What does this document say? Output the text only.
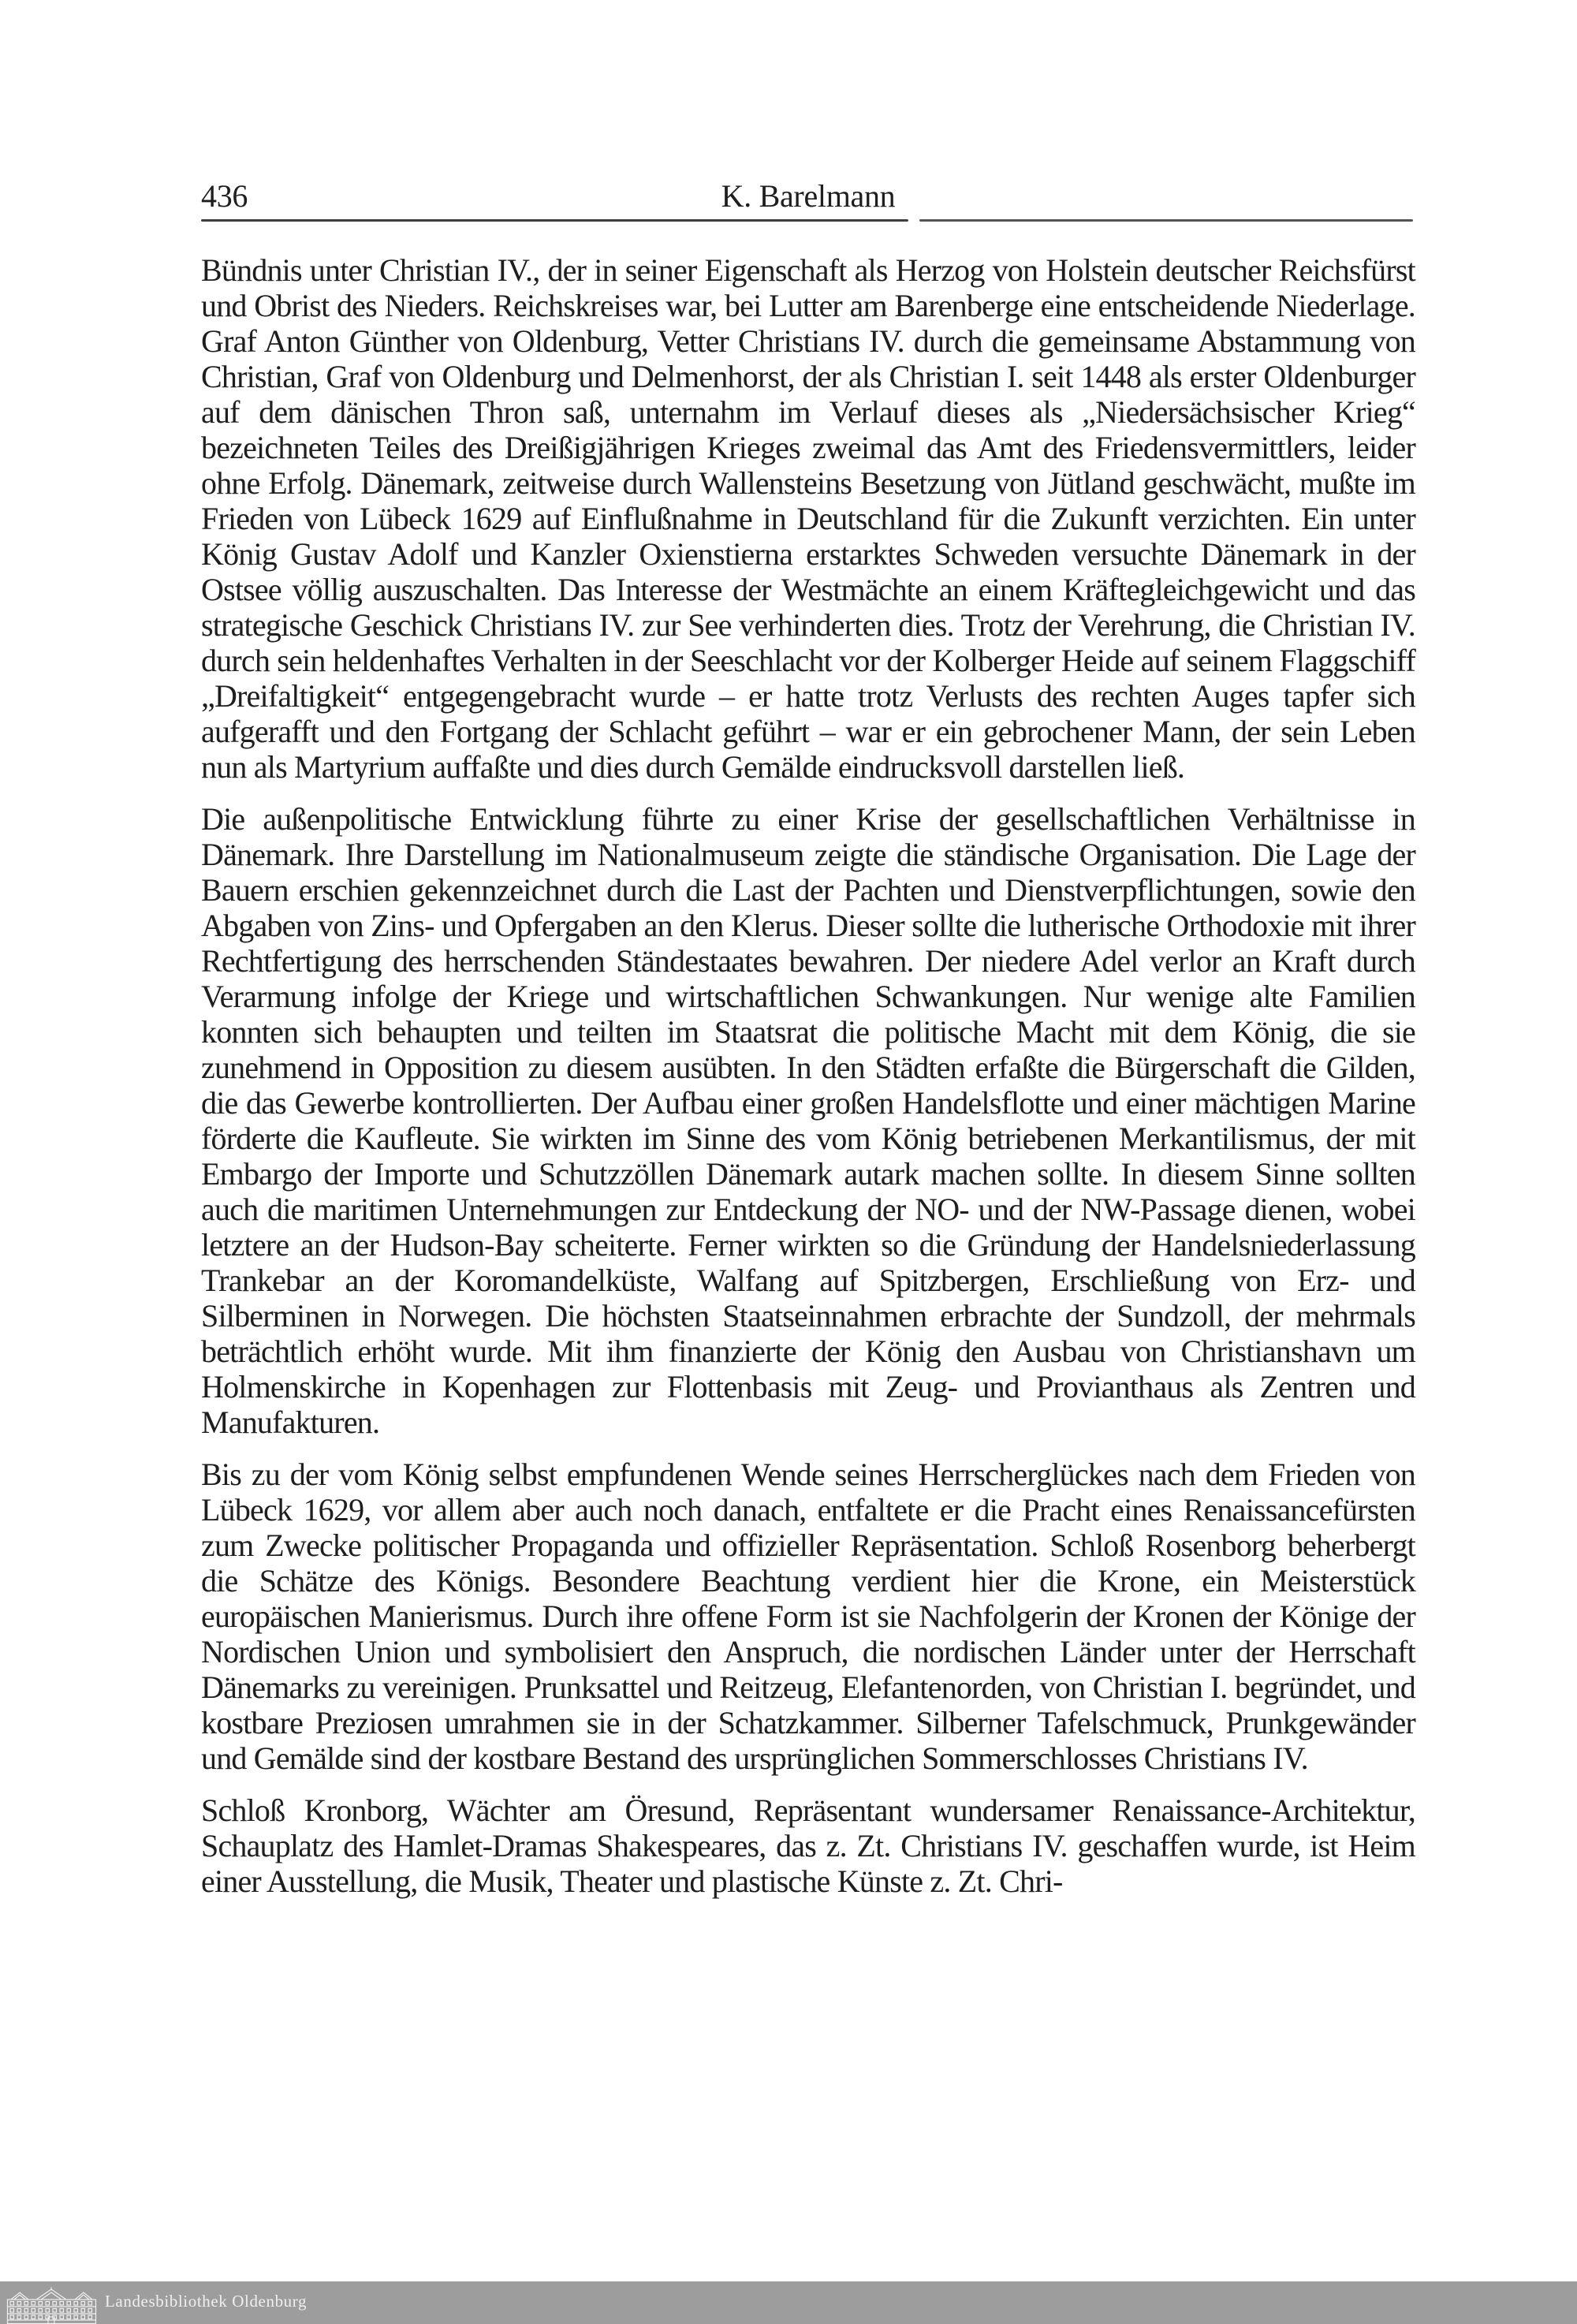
436	K. Barelmann

Bündnis unter Christian IV., der in seiner Eigenschaft als Herzog von Holstein deutscher Reichsfürst und Obrist des Nieders. Reichskreises war, bei Lutter am Barenberge eine entscheidende Niederlage. Graf Anton Günther von Oldenburg, Vetter Christians IV. durch die gemeinsame Abstammung von Christian, Graf von Oldenburg und Delmenhorst, der als Christian I. seit 1448 als erster Oldenburger auf dem dänischen Thron saß, unternahm im Verlauf dieses als „Niedersächsischer Krieg“ bezeichneten Teiles des Dreißigjährigen Krieges zweimal das Amt des Friedensvermittlers, leider ohne Erfolg. Dänemark, zeitweise durch Wallensteins Besetzung von Jütland geschwächt, mußte im Frieden von Lübeck 1629 auf Einflußnahme in Deutschland für die Zukunft verzichten. Ein unter König Gustav Adolf und Kanzler Oxienstierna erstarktes Schweden versuchte Dänemark in der Ostsee völlig auszuschalten. Das Interesse der Westmächte an einem Kräftegleichgewicht und das strategische Geschick Christians IV. zur See verhinderten dies. Trotz der Verehrung, die Christian IV. durch sein heldenhaftes Verhalten in der Seeschlacht vor der Kolberger Heide auf seinem Flaggschiff „Dreifaltigkeit“ entgegengebracht wurde – er hatte trotz Verlusts des rechten Auges tapfer sich aufgerafft und den Fortgang der Schlacht geführt – war er ein gebrochener Mann, der sein Leben nun als Martyrium auffaßte und dies durch Gemälde eindrucksvoll darstellen ließ.

Die außenpolitische Entwicklung führte zu einer Krise der gesellschaftlichen Verhältnisse in Dänemark. Ihre Darstellung im Nationalmuseum zeigte die ständische Organisation. Die Lage der Bauern erschien gekennzeichnet durch die Last der Pachten und Dienstverpflichtungen, sowie den Abgaben von Zins- und Opfergaben an den Klerus. Dieser sollte die lutherische Orthodoxie mit ihrer Rechtfertigung des herrschenden Ständestaates bewahren. Der niedere Adel verlor an Kraft durch Verarmung infolge der Kriege und wirtschaftlichen Schwankungen. Nur wenige alte Familien konnten sich behaupten und teilten im Staatsrat die politische Macht mit dem König, die sie zunehmend in Opposition zu diesem ausübten. In den Städten erfaßte die Bürgerschaft die Gilden, die das Gewerbe kontrollierten. Der Aufbau einer großen Handelsflotte und einer mächtigen Marine förderte die Kaufleute. Sie wirkten im Sinne des vom König betriebenen Merkantilismus, der mit Embargo der Importe und Schutzzöllen Dänemark autark machen sollte. In diesem Sinne sollten auch die maritimen Unternehmungen zur Entdeckung der NO- und der NW-Passage dienen, wobei letztere an der Hudson-Bay scheiterte. Ferner wirkten so die Gründung der Handelsniederlassung Trankebar an der Koromandelküste, Walfang auf Spitzbergen, Erschließung von Erz- und Silberminen in Norwegen. Die höchsten Staatseinnahmen erbrachte der Sundzoll, der mehrmals beträchtlich erhöht wurde. Mit ihm finanzierte der König den Ausbau von Christianshavn um Holmenskirche in Kopenhagen zur Flottenbasis mit Zeug- und Provianthaus als Zentren und Manufakturen.

Bis zu der vom König selbst empfundenen Wende seines Herrscherglückes nach dem Frieden von Lübeck 1629, vor allem aber auch noch danach, entfaltete er die Pracht eines Renaissancefürsten zum Zwecke politischer Propaganda und offizieller Repräsentation. Schloß Rosenborg beherbergt die Schätze des Königs. Besondere Beachtung verdient hier die Krone, ein Meisterstück europäischen Manierismus. Durch ihre offene Form ist sie Nachfolgerin der Kronen der Könige der Nordischen Union und symbolisiert den Anspruch, die nordischen Länder unter der Herrschaft Dänemarks zu vereinigen. Prunksattel und Reitzeug, Elefantenorden, von Christian I. begründet, und kostbare Preziosen umrahmen sie in der Schatzkammer. Silberner Tafelschmuck, Prunkgewänder und Gemälde sind der kostbare Bestand des ursprünglichen Sommerschlosses Christians IV.

Schloß Kronborg, Wächter am Öresund, Repräsentant wundersamer Renaissance-Architektur, Schauplatz des Hamlet-Dramas Shakespeares, das z. Zt. Christians IV. geschaffen wurde, ist Heim einer Ausstellung, die Musik, Theater und plastische Künste z. Zt. Chri-

Landesbibliothek Oldenburg
